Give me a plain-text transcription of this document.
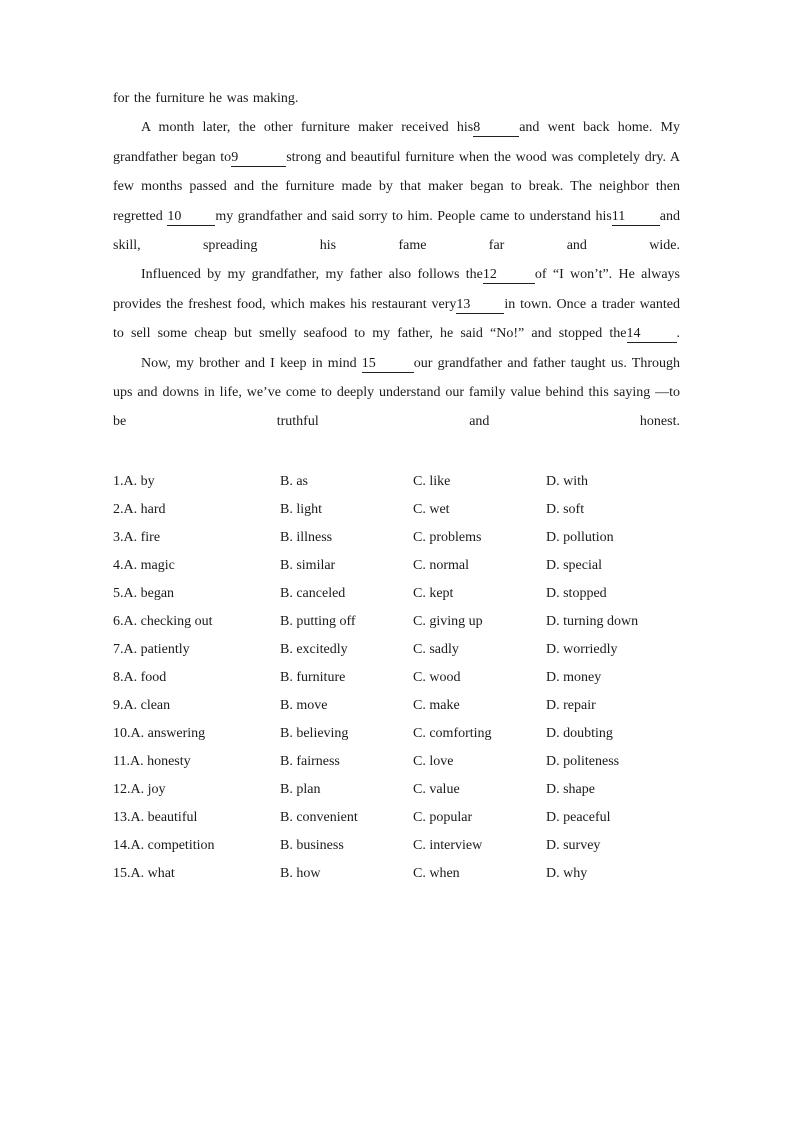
for the furniture he was making.

A month later, the other furniture maker received his8	and went back home. My grandfather began to9	strong and beautiful furniture when the wood was completely dry. A few months passed and the furniture made by that maker began to break. The neighbor then regretted 10 my grandfather and said sorry to him. People came to understand his11 and skill, spreading his fame far and wide.

Influenced by my grandfather, my father also follows the12	of “I won’t”. He always provides the freshest food, which makes his restaurant very13 in town. Once a trader wanted to sell some cheap but smelly seafood to my father, he said “No!” and stopped the14	.

Now, my brother and I keep in mind 15	our grandfather and father taught us. Through ups and downs in life, we’ve come to deeply understand our family value behind this saying —to be truthful and honest.

1.A. by	B. as	C. like	D. with
2.A. hard	B. light	C. wet	D. soft
3.A. fire	B. illness	C. problems	D. pollution
4.A. magic	B. similar	C. normal	D. special
5.A. began	B. canceled	C. kept	D. stopped
6.A. checking out	B. putting off	C. giving up	D. turning down
7.A. patiently	B. excitedly	C. sadly	D. worriedly
8.A. food	B. furniture	C. wood	D. money
9.A. clean	B. move	C. make	D. repair
10.A. answering	B. believing	C. comforting	D. doubting
11.A. honesty	B. fairness	C. love	D. politeness
12.A. joy	B. plan	C. value	D. shape
13.A. beautiful	B. convenient	C. popular	D. peaceful
14.A. competition	B. business	C. interview	D. survey
15.A. what	B. how	C. when	D. why
